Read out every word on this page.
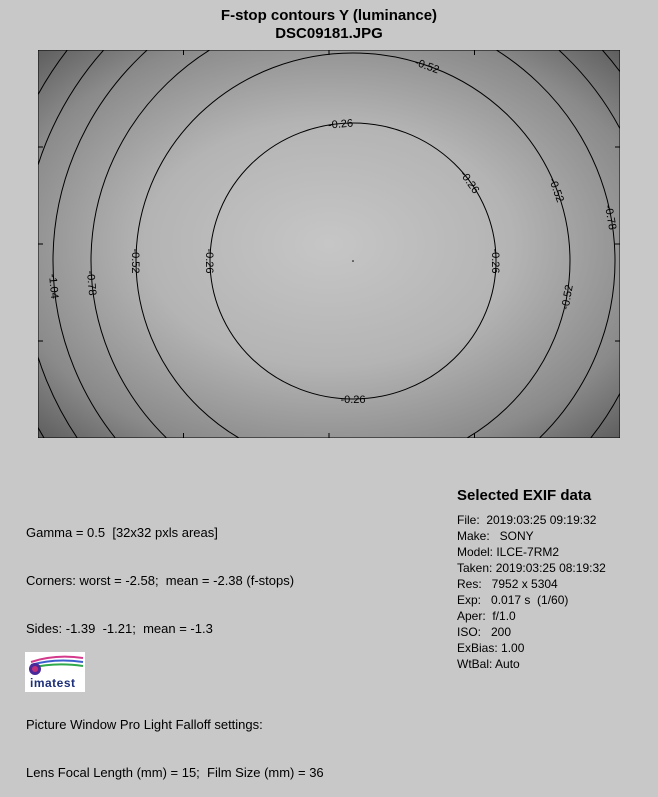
F-stop contours Y (luminance)
DSC09181.JPG
-0.26
-0.26
-0.26
-0.26
-0.26
-0.52
-0.52
-0.52
-0.52
-0.78
-0.78
-1.04

Gamma = 0.5  [32x32 pxls areas]

Corners: worst = -2.58;  mean = -2.38 (f-stops)

Sides: -1.39  -1.21;  mean = -1.3

Picture Window Pro Light Falloff settings:

Lens Focal Length (mm) = 15;  Film Size (mm) = 36

Selected EXIF data
File:  2019:03:25 09:19:32
Make:   SONY
Model: ILCE-7RM2
Taken: 2019:03:25 08:19:32
Res:   7952 x 5304
Exp:   0.017 s  (1/60)
Aper:  f/1.0
ISO:   200
ExBias: 1.00
WtBal: Auto
imatest
